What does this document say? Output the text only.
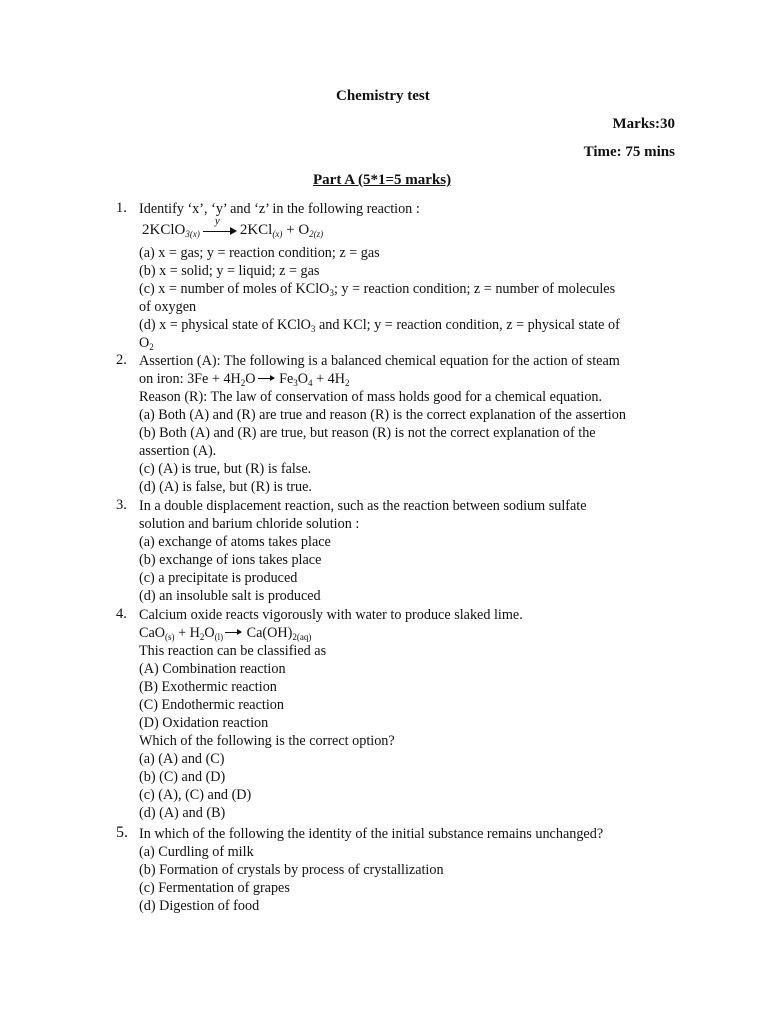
Chemistry test
Marks:30
Time: 75 mins
Part A (5*1=5 marks)
1. Identify ‘x’, ‘y’ and ‘z’ in the following reaction :
2KClO$_{3(x)}$
y
$2KCl_{(x)} + O_{2(z)}$
(a) x = gas; y = reaction condition; z = gas
(b) x = solid; y = liquid; z = gas
(c) x = number of moles of KClO$_3$; y = reaction condition; z = number of molecules
of oxygen
(d) x = physical state of KClO$_3$ and KCl; y = reaction condition, z = physical state of
$O_2$
2. Assertion (A): The following is a balanced chemical equation for the action of steam
on iron: $3Fe + 4H_2O$ $Fe_3O_4 + 4H_2$
Reason (R): The law of conservation of mass holds good for a chemical equation.
(a) Both (A) and (R) are true and reason (R) is the correct explanation of the assertion
(b) Both (A) and (R) are true, but reason (R) is not the correct explanation of the
assertion (A).
(c) (A) is true, but (R) is false.
(d) (A) is false, but (R) is true.
3. In a double displacement reaction, such as the reaction between sodium sulfate
solution and barium chloride solution :
(a) exchange of atoms takes place
(b) exchange of ions takes place
(c) a precipitate is produced
(d) an insoluble salt is produced
4. Calcium oxide reacts vigorously with water to produce slaked lime.
$CaO_{(s)} + H_2O_{(l)}$ $Ca(OH)_{2(aq)}$
This reaction can be classified as
(A) Combination reaction
(B) Exothermic reaction
(C) Endothermic reaction
(D) Oxidation reaction
Which of the following is the correct option?
(a) (A) and (C)
(b) (C) and (D)
(c) (A), (C) and (D)
(d) (A) and (B)
5. In which of the following the identity of the initial substance remains unchanged?
(a) Curdling of milk
(b) Formation of crystals by process of crystallization
(c) Fermentation of grapes
(d) Digestion of food
